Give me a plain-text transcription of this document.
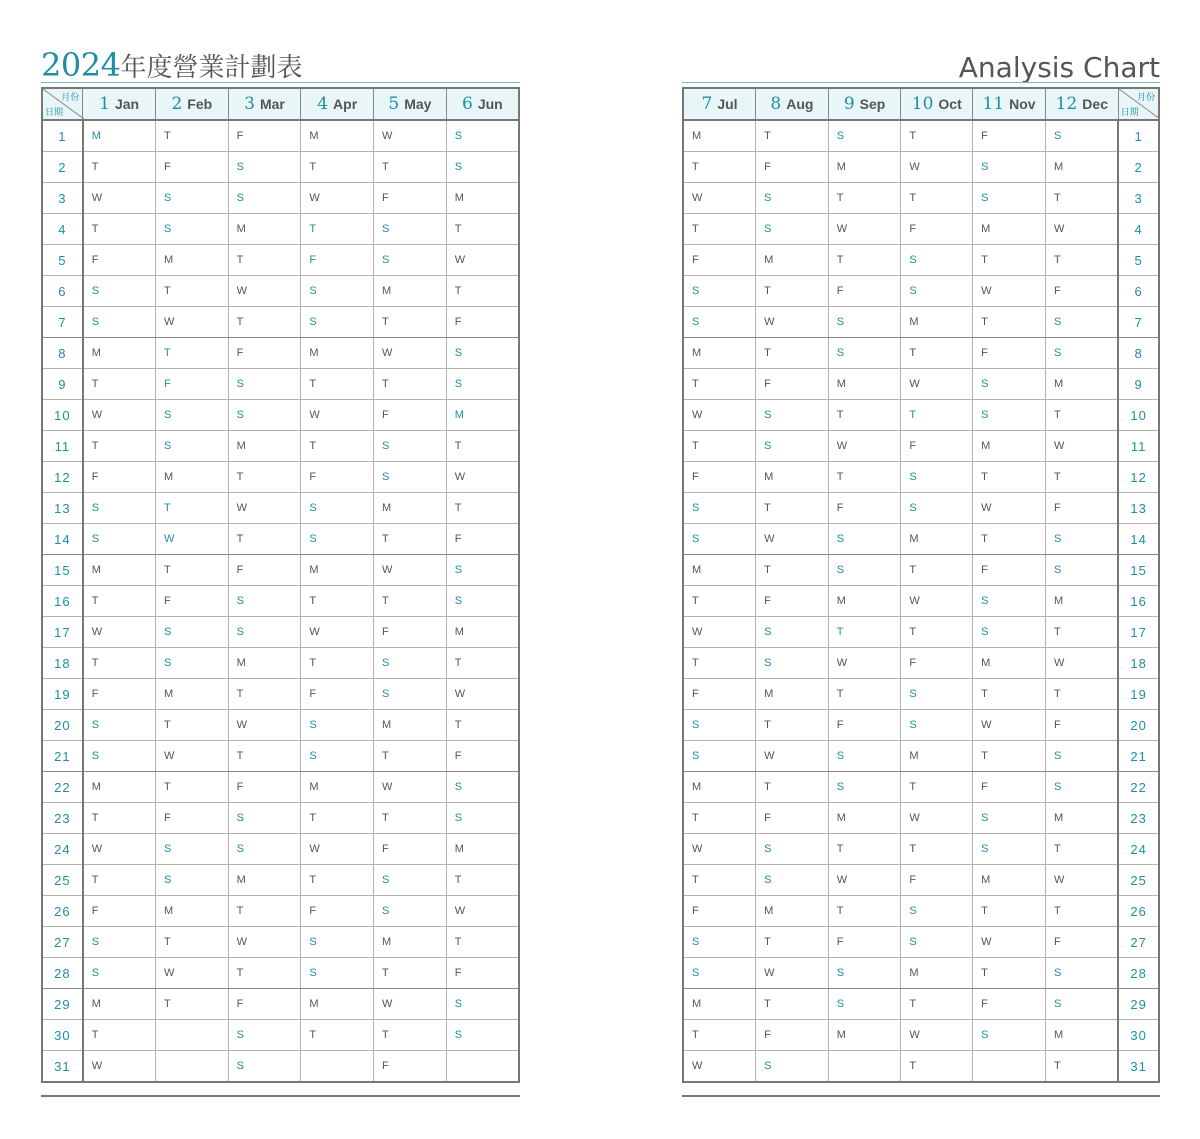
2024年度營業計劃表
月份
日期	1 Jan	2 Feb	3 Mar	4 Apr	5 May	6 Jun
1	M	T	F	M	W	S
2	T	F	S	T	T	S
3	W	S	S	W	F	M
4	T	S	M	T	S	T
5	F	M	T	F	S	W
6	S	T	W	S	M	T
7	S	W	T	S	T	F
8	M	T	F	M	W	S
9	T	F	S	T	T	S
10	W	S	S	W	F	M
11	T	S	M	T	S	T
12	F	M	T	F	S	W
13	S	T	W	S	M	T
14	S	W	T	S	T	F
15	M	T	F	M	W	S
16	T	F	S	T	T	S
17	W	S	S	W	F	M
18	T	S	M	T	S	T
19	F	M	T	F	S	W
20	S	T	W	S	M	T
21	S	W	T	S	T	F
22	M	T	F	M	W	S
23	T	F	S	T	T	S
24	W	S	S	W	F	M
25	T	S	M	T	S	T
26	F	M	T	F	S	W
27	S	T	W	S	M	T
28	S	W	T	S	T	F
29	M	T	F	M	W	S
30	T		S	T	T	S
31	W		S		F	
Analysis Chart
7 Jul	8 Aug	9 Sep	10 Oct	11 Nov	12 Dec	月份
日期

M	T	S	T	F	S	1
T	F	M	W	S	M	2
W	S	T	T	S	T	3
T	S	W	F	M	W	4
F	M	T	S	T	T	5
S	T	F	S	W	F	6
S	W	S	M	T	S	7
M	T	S	T	F	S	8
T	F	M	W	S	M	9
W	S	T	T	S	T	10
T	S	W	F	M	W	11
F	M	T	S	T	T	12
S	T	F	S	W	F	13
S	W	S	M	T	S	14
M	T	S	T	F	S	15
T	F	M	W	S	M	16
W	S	T	T	S	T	17
T	S	W	F	M	W	18
F	M	T	S	T	T	19
S	T	F	S	W	F	20
S	W	S	M	T	S	21
M	T	S	T	F	S	22
T	F	M	W	S	M	23
W	S	T	T	S	T	24
T	S	W	F	M	W	25
F	M	T	S	T	T	26
S	T	F	S	W	F	27
S	W	S	M	T	S	28
M	T	S	T	F	S	29
T	F	M	W	S	M	30
W	S		T		T	31
